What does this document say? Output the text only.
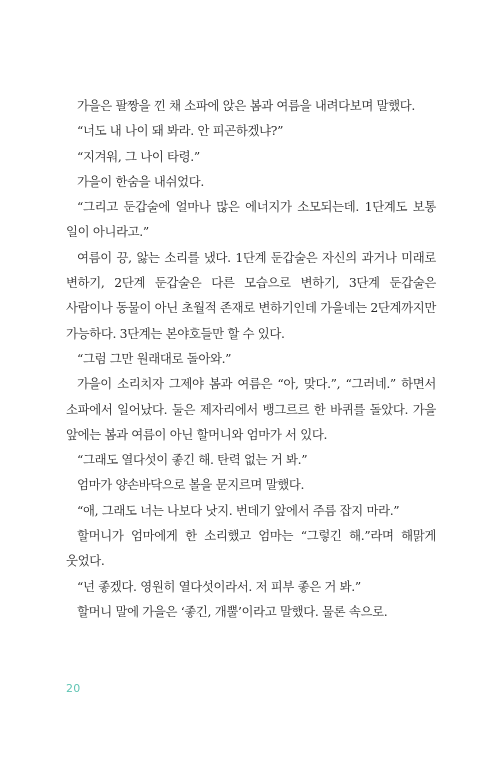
가을은 팔짱을 낀 채 소파에 앉은 봄과 여름을 내려다보며 말했다.

“너도 내 나이 돼 봐라. 안 피곤하겠냐?”

“지겨워, 그 나이 타령.”

가을이 한숨을 내쉬었다.

“그리고 둔갑술에 얼마나 많은 에너지가 소모되는데. 1단계도 보통 일이 아니라고.”

여름이 끙, 앓는 소리를 냈다. 1단계 둔갑술은 자신의 과거나 미래로 변하기, 2단계 둔갑술은 다른 모습으로 변하기, 3단계 둔갑술은 사람이나 동물이 아닌 초월적 존재로 변하기인데 가을네는 2단계까지만 가능하다. 3단계는 본야호들만 할 수 있다.

“그럼 그만 원래대로 돌아와.”

가을이 소리치자 그제야 봄과 여름은 “아, 맞다.”, “그러네.” 하면서 소파에서 일어났다. 둘은 제자리에서 뱅그르르 한 바퀴를 돌았다. 가을 앞에는 봄과 여름이 아닌 할머니와 엄마가 서 있다.

“그래도 열다섯이 좋긴 해. 탄력 없는 거 봐.”

엄마가 양손바닥으로 볼을 문지르며 말했다.

“애, 그래도 너는 나보다 낫지. 번데기 앞에서 주름 잡지 마라.”

할머니가 엄마에게 한 소리했고 엄마는 “그렇긴 해.”라며 해맑게 웃었다.

“넌 좋겠다. 영원히 열다섯이라서. 저 피부 좋은 거 봐.”

할머니 말에 가을은 ‘좋긴, 개뿔’이라고 말했다. 물론 속으로.

20
